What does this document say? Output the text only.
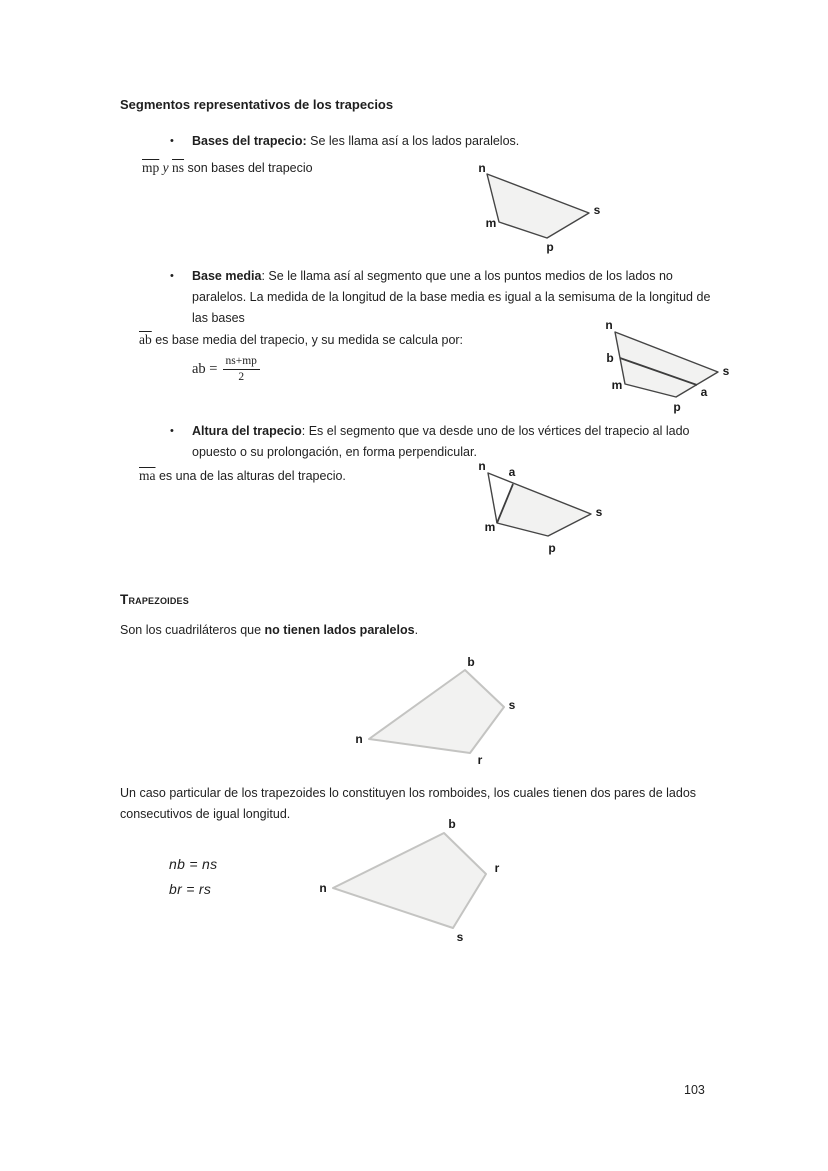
Segmentos representativos de los trapecios
•	Bases del trapecio: Se les llama así a los lados paralelos.
$\overline{mp}$ y $\overline{ns}$ son bases del trapecio	n
s
m
p
•	Base media: Se le llama así al segmento que une a los puntos medios de los lados no paralelos. La medida de la longitud de la base media es igual a la semisuma de la longitud de las bases
$\overline{ab}$ es base media del trapecio, y su medida se calcula por:
ab = $\frac{ns+mp}{2}$
n
b
s
m	a
p
•	Altura del trapecio: Es el segmento que va desde uno de los vértices del trapecio al lado opuesto o su prolongación, en forma perpendicular.
$\overline{ma}$ es una de las alturas del trapecio.
n a
s
m
p
Trapezoides
Son los cuadriláteros que no tienen lados paralelos.
b
s
n
r
Un caso particular de los trapezoides lo constituyen los romboides, los cuales tienen dos pares de lados consecutivos de igual longitud.
nb = ns
br = rs
b
r
n
s
103
